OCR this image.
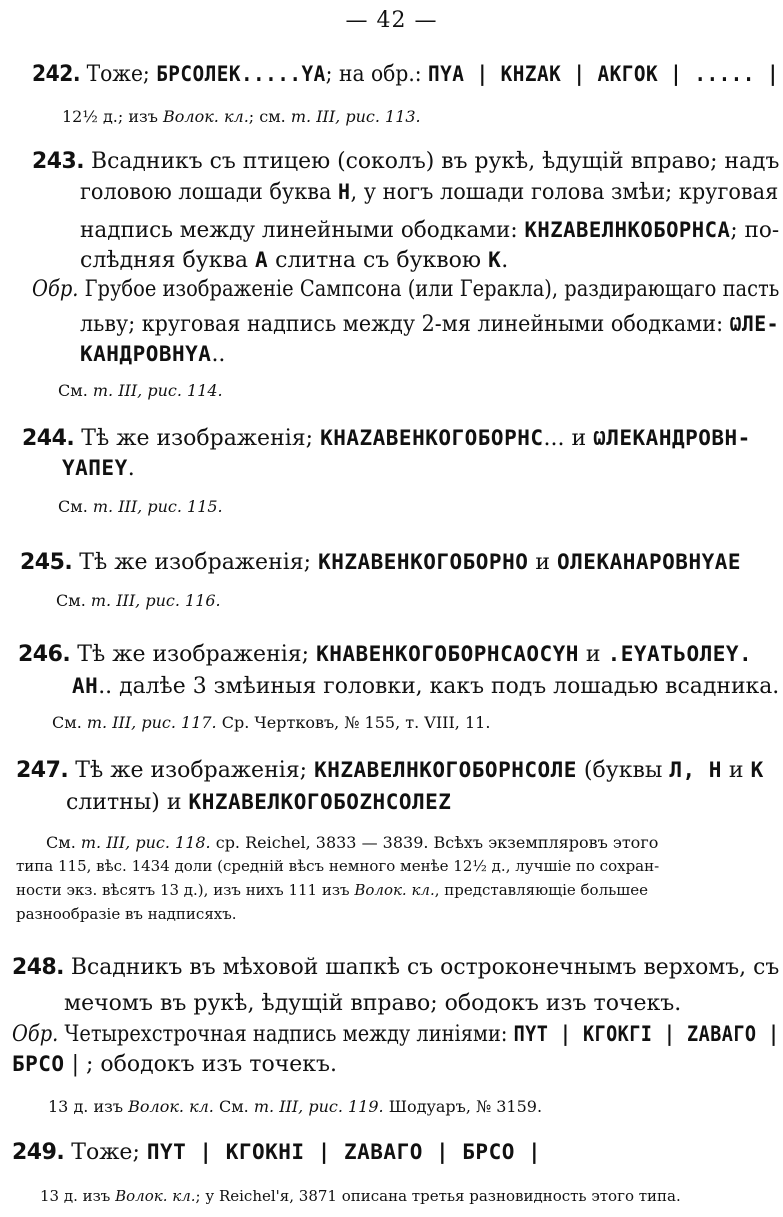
— 42 —
242. Тоже; БРСОЛЕК.....YA; на обр.: ПYA | КНZAК | AКГОК | ..... |
12½ д.; изъ Волок. кл.; см. т. III, рис. 113.
243. Всадникъ съ птицею (соколъ) въ рукѣ, ѣдущій вправо; надъ
головою лошади буква Н, у ногъ лошади голова змѣи; круговая
надпись между линейными ободками: КНZAВЕЛНКОБОРНСА; по-
слѣдняя буква A слитна съ буквою К.
Обр. Грубое изображеніе Сампсона (или Геракла), раздирающаго пасть
льву; круговая надпись между 2-мя линейными ободками: ѠЛЕ-
КАНДРОВНYA..
См. т. III, рис. 114.
244. Тѣ же изображенія; КНAZAВЕНКОГОБОРНС... и ѠЛЕКАНДРОВН-
YAПЕY.
См. т. III, рис. 115.
245. Тѣ же изображенія; КНZAВЕНКОГОБОРНО и ОЛЕКАНAРОВНYAЕ
См. т. III, рис. 116.
246. Тѣ же изображенія; КНAВЕНКОГОБОРНСAОСYН и .ЕYAТЬОЛЕY.
AН.. далѣе 3 змѣиныя головки, какъ подъ лошадью всадника.
См. т. III, рис. 117. Ср. Чертковъ, № 155, т. VIII, 11.
247. Тѣ же изображенія; КНZAВЕЛНКОГОБОРНСОЛЕ (буквы Л, Н и К
слитны) и КНZAВЕЛКОГОБОZНСОЛЕZ
См. т. III, рис. 118. ср. Reichel, 3833 — 3839. Всѣхъ экземпляровъ этого
типа 115, вѣс. 1434 доли (средній вѣсъ немного менѣе 12½ д., лучшіе по сохран-
ности экз. вѣсятъ 13 д.), изъ нихъ 111 изъ Волок. кл., представляющіе большее
разнообразіе въ надписяхъ.
248. Всадникъ въ мѣховой шапкѣ съ остроконечнымъ верхомъ, съ
мечомъ въ рукѣ, ѣдущій вправо; ободокъ изъ точекъ.
Обр. Четырехстрочная надпись между линіями: ПYТ | КГОКГI | ZAВАГО |
БРСО | ; ободокъ изъ точекъ.
13 д. изъ Волок. кл. См. т. III, рис. 119. Шодуаръ, № 3159.
249. Тоже; ПYТ | КГОКНI | ZAВАГО | БРСО |
13 д. изъ Волок. кл.; у Reichel'я, 3871 описана третья разновидность этого типа.
